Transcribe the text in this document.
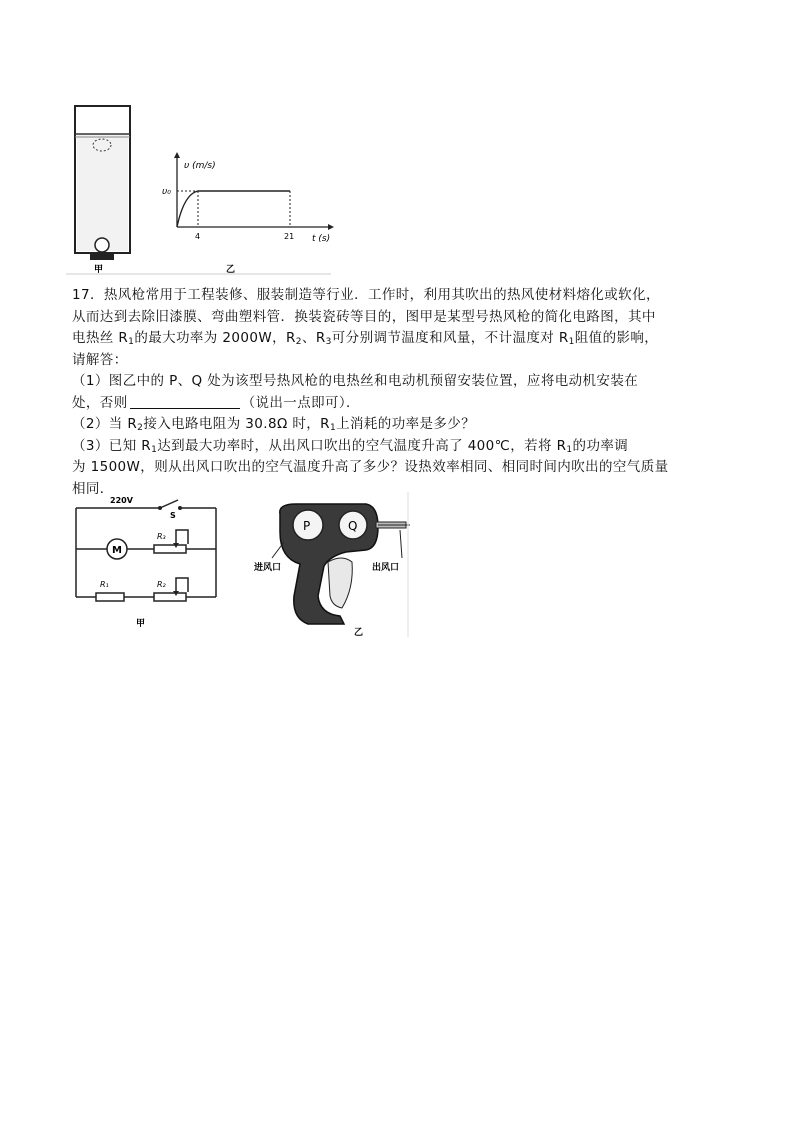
甲
υ (m/s)
υ₀
4	21 t (s)
乙
17．热风枪常用于工程装修、服装制造等行业．工作时，利用其吹出的热风使材料熔化或软化，
从而达到去除旧漆膜、弯曲塑料管．换装瓷砖等目的，图甲是某型号热风枪的简化电路图，其中
电热丝 $R_1$的最大功率为 2000W，$R_2$、$R_3$可分别调节温度和风量，不计温度对 $R_1$阻值的影响，
请解答：
（1）图乙中的 P、Q 处为该型号热风枪的电热丝和电动机预留安装位置，应将电动机安装在
处，否则	（说出一点即可）．
（2）当 $R_2$接入电路电阻为 30.8Ω 时，$R_1$上消耗的功率是多少？
（3）已知 $R_1$达到最大功率时，从出风口吹出的空气温度升高了 400℃，若将 $R_1$的功率调
为 1500W，则从出风口吹出的空气温度升高了多少？设热效率相同、相同时间内吹出的空气质量
相同．
220V
S
M
R₃
R₁	R₂
甲
P	Q
进风口	出风口
乙
